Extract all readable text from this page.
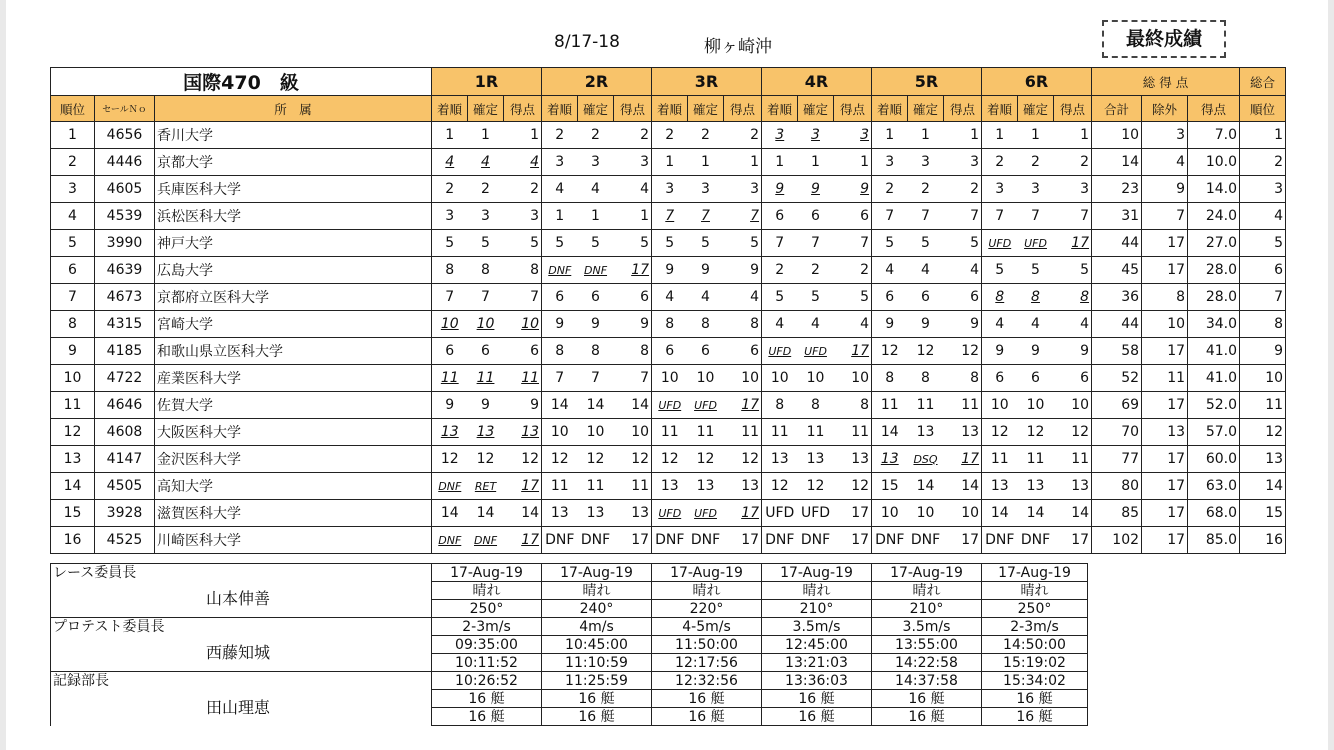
8/17-18	柳ヶ崎沖	最終成績
国際470　級			1R			2R			3R			4R			5R			6R			総 得 点			総合
順位	セールＮｏ	所　属	着順	確定	得点	着順	確定	得点	着順	確定	得点	着順	確定	得点	着順	確定	得点	着順	確定	得点	合計	除外	得点	順位
1	4656	香川大学	1	1	1	2	2	2	2	2	2	3	3	3	1	1	1	1	1	1	10	3	7.0	1
2	4446	京都大学	4	4	4	3	3	3	1	1	1	1	1	1	3	3	3	2	2	2	14	4	10.0	2
3	4605	兵庫医科大学	2	2	2	4	4	4	3	3	3	9	9	9	2	2	2	3	3	3	23	9	14.0	3
4	4539	浜松医科大学	3	3	3	1	1	1	7	7	7	6	6	6	7	7	7	7	7	7	31	7	24.0	4
5	3990	神戸大学	5	5	5	5	5	5	5	5	5	7	7	7	5	5	5	UFD	UFD	17	44	17	27.0	5
6	4639	広島大学	8	8	8	DNF	DNF	17	9	9	9	2	2	2	4	4	4	5	5	5	45	17	28.0	6
7	4673	京都府立医科大学	7	7	7	6	6	6	4	4	4	5	5	5	6	6	6	8	8	8	36	8	28.0	7
8	4315	宮崎大学	10	10	10	9	9	9	8	8	8	4	4	4	9	9	9	4	4	4	44	10	34.0	8
9	4185	和歌山県立医科大学	6	6	6	8	8	8	6	6	6	UFD	UFD	17	12	12	12	9	9	9	58	17	41.0	9
10	4722	産業医科大学	11	11	11	7	7	7	10	10	10	10	10	10	8	8	8	6	6	6	52	11	41.0	10
11	4646	佐賀大学	9	9	9	14	14	14	UFD	UFD	17	8	8	8	11	11	11	10	10	10	69	17	52.0	11
12	4608	大阪医科大学	13	13	13	10	10	10	11	11	11	11	11	11	14	13	13	12	12	12	70	13	57.0	12
13	4147	金沢医科大学	12	12	12	12	12	12	12	12	12	13	13	13	13	DSQ	17	11	11	11	77	17	60.0	13
14	4505	高知大学	DNF	RET	17	11	11	11	13	13	13	12	12	12	15	14	14	13	13	13	80	17	63.0	14
15	3928	滋賀医科大学	14	14	14	13	13	13	UFD	UFD	17	UFD	UFD	17	10	10	10	14	14	14	85	17	68.0	15
16	4525	川崎医科大学	DNF	DNF	17	DNF	DNF	17	DNF	DNF	17	DNF	DNF	17	DNF	DNF	17	DNF	DNF	17	102	17	85.0	16
レース委員長	17-Aug-19	17-Aug-19	17-Aug-19	17-Aug-19	17-Aug-19	17-Aug-19
山本伸善	晴れ	晴れ	晴れ	晴れ	晴れ	晴れ
	250°	240°	220°	210°	210°	250°
プロテスト委員長	2-3m/s	4m/s	4-5m/s	3.5m/s	3.5m/s	2-3m/s
西藤知城	09:35:00	10:45:00	11:50:00	12:45:00	13:55:00	14:50:00
	10:11:52	11:10:59	12:17:56	13:21:03	14:22:58	15:19:02
記録部長	10:26:52	11:25:59	12:32:56	13:36:03	14:37:58	15:34:02
田山理恵	16 艇	16 艇	16 艇	16 艇	16 艇	16 艇
	16 艇	16 艇	16 艇	16 艇	16 艇	16 艇
